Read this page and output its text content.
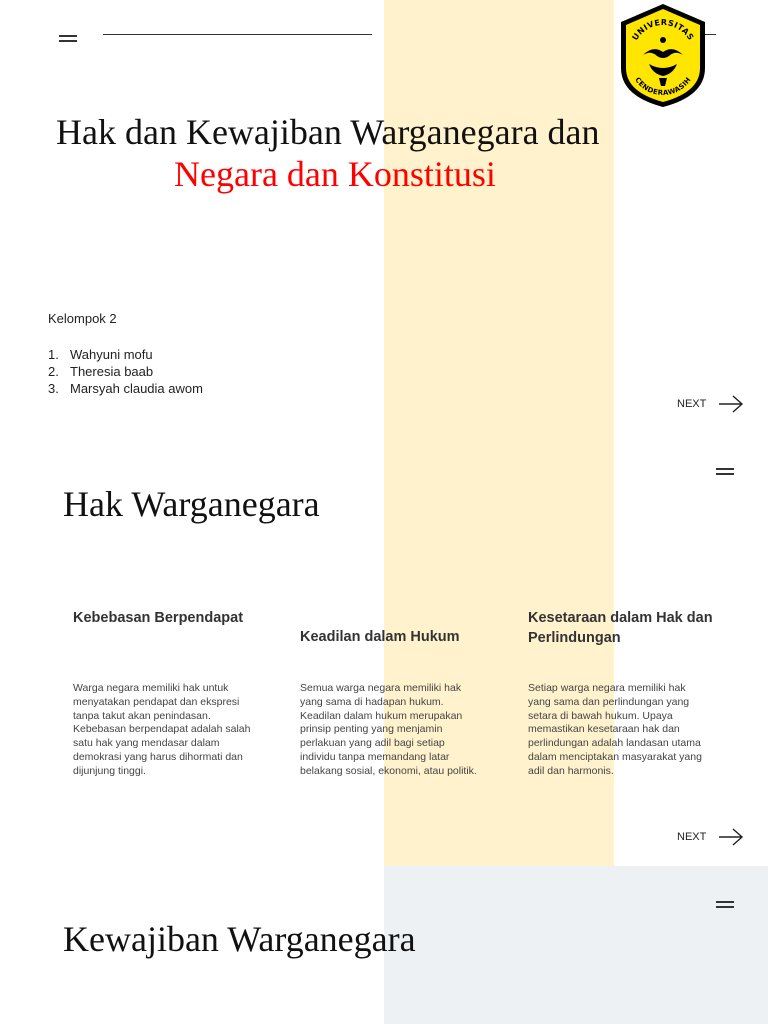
UNIVERSITAS
CENDERAWASIH
Hak dan Kewajiban Warganegara dan
Negara dan Konstitusi
Kelompok 2
1. Wahyuni mofu
2. Theresia baab
3. Marsyah claudia awom
NEXT
Hak Warganegara
Kebebasan Berpendapat
Warga negara memiliki hak untuk menyatakan pendapat dan ekspresi tanpa takut akan penindasan. Kebebasan berpendapat adalah salah satu hak yang mendasar dalam demokrasi yang harus dihormati dan dijunjung tinggi.
Keadilan dalam Hukum
Semua warga negara memiliki hak yang sama di hadapan hukum. Keadilan dalam hukum merupakan prinsip penting yang menjamin perlakuan yang adil bagi setiap individu tanpa memandang latar belakang sosial, ekonomi, atau politik.
Kesetaraan dalam Hak dan Perlindungan
Setiap warga negara memiliki hak yang sama dan perlindungan yang setara di bawah hukum. Upaya memastikan kesetaraan hak dan perlindungan adalah landasan utama dalam menciptakan masyarakat yang adil dan harmonis.
NEXT
Kewajiban Warganegara
